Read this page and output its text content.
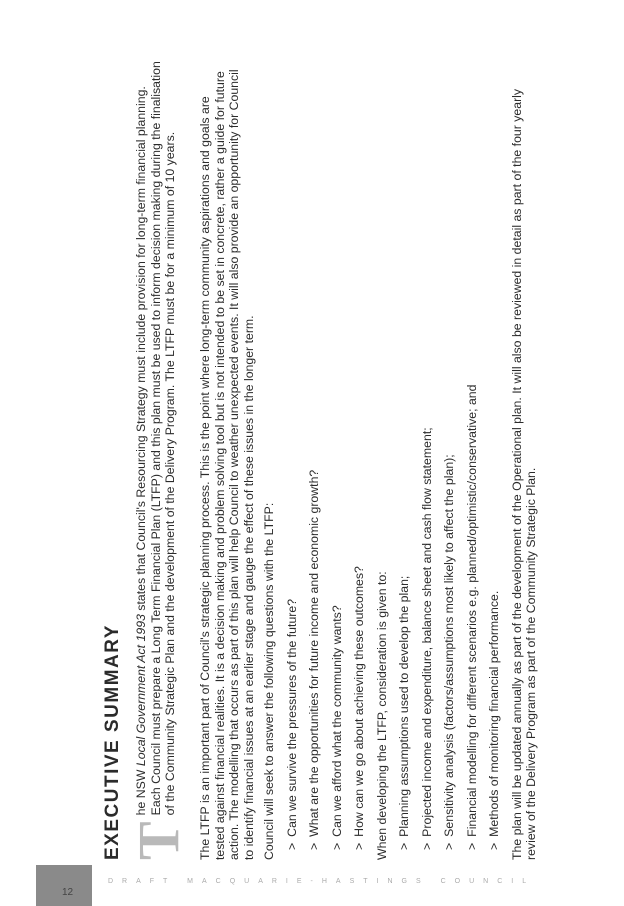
12
DRAFT MACQUARIE-HASTINGS COUNCIL
EXECUTIVE SUMMARY T
he NSW Local Government Act 1993 states that Council's Resourcing Strategy must include provision for long-term financial planning. Each Council must prepare a Long Term Financial Plan (LTFP) and this plan must be used to inform decision making during the finalisation of the Community Strategic Plan and the development of the Delivery Program. The LTFP must be for a minimum of 10 years.	The LTFP is an important part of Council's strategic planning process. This is the point where long-term community aspirations and goals are tested against financial realities. It is a decision making and problem solving tool but is not intended to be set in concrete, rather a guide for future action. The modelling that occurs as part of this plan will help Council to weather unexpected events. It will also provide an opportunity for Council to identify financial issues at an earlier stage and gauge the effect of these issues in the longer term. Council will seek to answer the following questions with the LTFP: >Can we survive the pressures of the future?
>What are the opportunities for future income and economic growth?
>Can we afford what the community wants?
>How can we go about achieving these outcomes? When developing the LTFP, consideration is given to: >Planning assumptions used to develop the plan;
>Projected income and expenditure, balance sheet and cash flow statement;
>Sensitivity analysis (factors/assumptions most likely to affect the plan);
>Financial modelling for different scenarios e.g. planned/optimistic/conservative; and
>Methods of monitoring financial performance. The plan will be updated annually as part of the development of the Operational plan. It will also be reviewed in detail as part of the four yearly review of the Delivery Program as part of the Community Strategic Plan.
